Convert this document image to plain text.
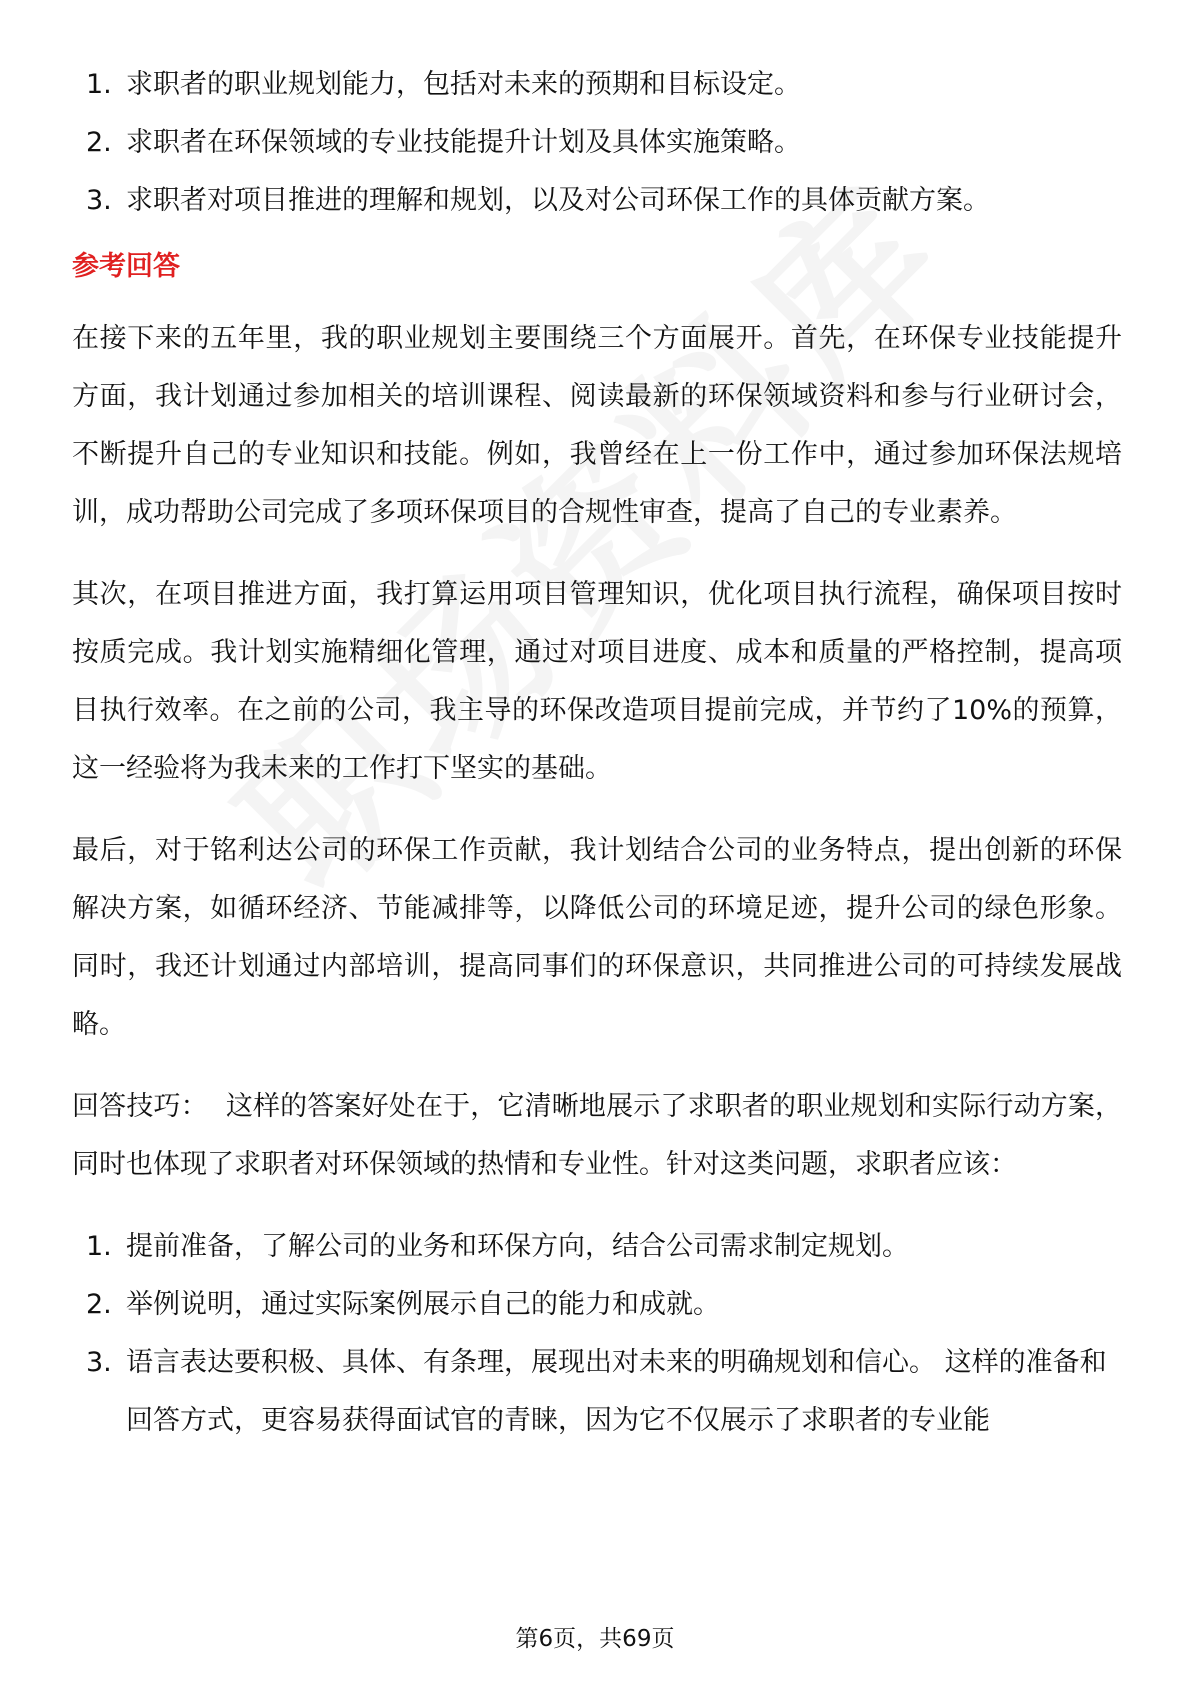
1. 求职者的职业规划能力，包括对未来的预期和目标设定。
2. 求职者在环保领域的专业技能提升计划及具体实施策略。
3. 求职者对项目推进的理解和规划，以及对公司环保工作的具体贡献方案。
参考回答

在接下来的五年里，我的职业规划主要围绕三个方面展开。首先，在环保专业技能提升方面，我计划通过参加相关的培训课程、阅读最新的环保领域资料和参与行业研讨会，不断提升自己的专业知识和技能。例如，我曾经在上一份工作中，通过参加环保法规培训，成功帮助公司完成了多项环保项目的合规性审查，提高了自己的专业素养。

其次，在项目推进方面，我打算运用项目管理知识，优化项目执行流程，确保项目按时按质完成。我计划实施精细化管理，通过对项目进度、成本和质量的严格控制，提高项目执行效率。在之前的公司，我主导的环保改造项目提前完成，并节约了10%的预算，这一经验将为我未来的工作打下坚实的基础。

最后，对于铭利达公司的环保工作贡献，我计划结合公司的业务特点，提出创新的环保解决方案，如循环经济、节能减排等，以降低公司的环境足迹，提升公司的绿色形象。同时，我还计划通过内部培训，提高同事们的环保意识，共同推进公司的可持续发展战略。

回答技巧： 这样的答案好处在于，它清晰地展示了求职者的职业规划和实际行动方案，同时也体现了求职者对环保领域的热情和专业性。针对这类问题，求职者应该：

1. 提前准备，了解公司的业务和环保方向，结合公司需求制定规划。
2. 举例说明，通过实际案例展示自己的能力和成就。
3. 语言表达要积极、具体、有条理，展现出对未来的明确规划和信心。 这样的准备和回答方式，更容易获得面试官的青睐，因为它不仅展示了求职者的专业能
第6页，共69页
